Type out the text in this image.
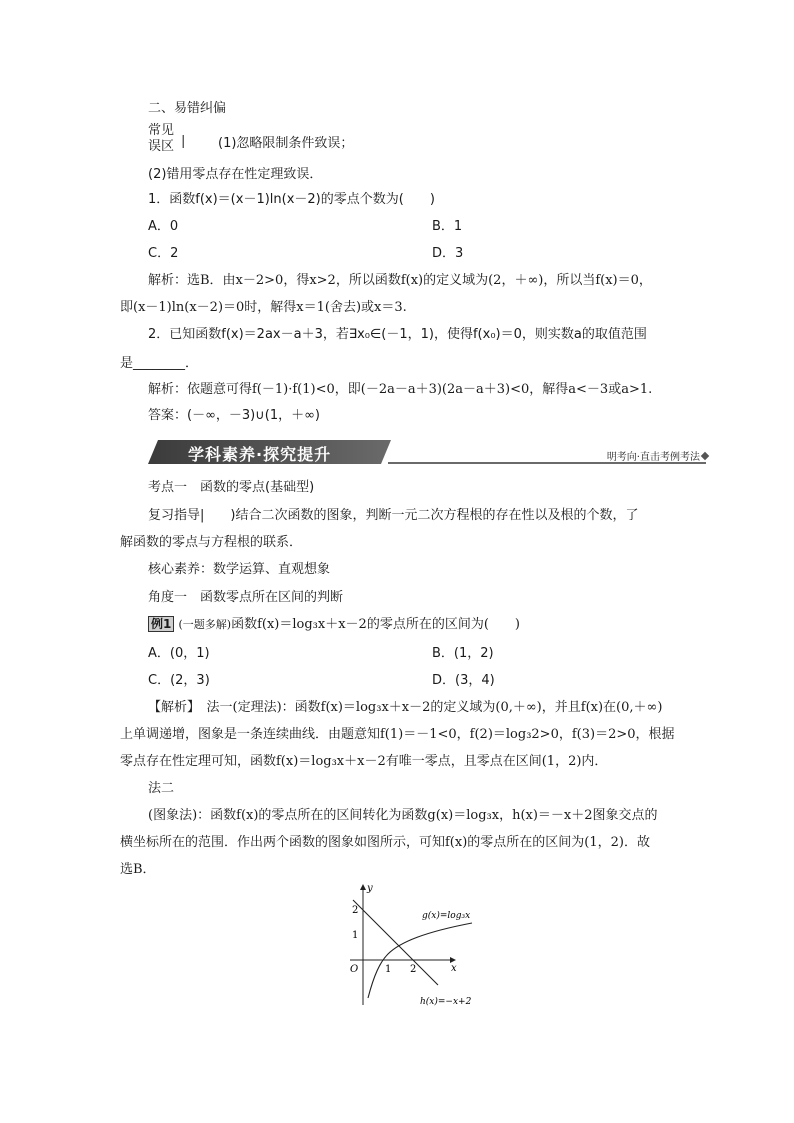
二、易错纠偏
常见
误区 |	(1)忽略限制条件致误；
(2)错用零点存在性定理致误．
1．函数f(x)＝(x－1)ln(x－2)的零点个数为(　　)
A．0	B．1
C．2	D．3
解析：选B．由x－2>0，得x>2，所以函数f(x)的定义域为(2，＋∞)，所以当f(x)＝0，
即(x－1)ln(x－2)＝0时，解得x＝1(舍去)或x＝3.
2．已知函数f(x)＝2ax－a＋3，若∃x₀∈(－1，1)，使得f(x₀)＝0，则实数a的取值范围
是________．
解析：依题意可得f(－1)·f(1)<0，即(－2a－a＋3)(2a－a＋3)<0，解得a<－3或a>1.
答案：(－∞，－3)∪(1，＋∞)
学科素养·探究提升	明考向·直击考例考法
考点一　函数的零点(基础型)
复习指导|　　)结合二次函数的图象，判断一元二次方程根的存在性以及根的个数，了
解函数的零点与方程根的联系．
核心素养：数学运算、直观想象
角度一　函数零点所在区间的判断
例1 (一题多解)函数f(x)＝log₃x＋x－2的零点所在的区间为(　　)
A．(0，1)	B．(1，2)
C．(2，3)	D．(3，4)
【解析】　法一(定理法)：函数f(x)＝log₃x＋x－2的定义域为(0,＋∞)，并且f(x)在(0,＋∞)
上单调递增，图象是一条连续曲线．由题意知f(1)＝－1<0，f(2)＝log₃2>0，f(3)＝2>0，根据
零点存在性定理可知，函数f(x)＝log₃x＋x－2有唯一零点，且零点在区间(1，2)内．
法二
(图象法)：函数f(x)的零点所在的区间转化为函数g(x)＝log₃x，h(x)＝－x＋2图象交点的
横坐标所在的范围．作出两个函数的图象如图所示，可知f(x)的零点所在的区间为(1，2)．故
选B．
y
x
O
2
1
1 2
g(x)=log₃x
h(x)=−x+2
